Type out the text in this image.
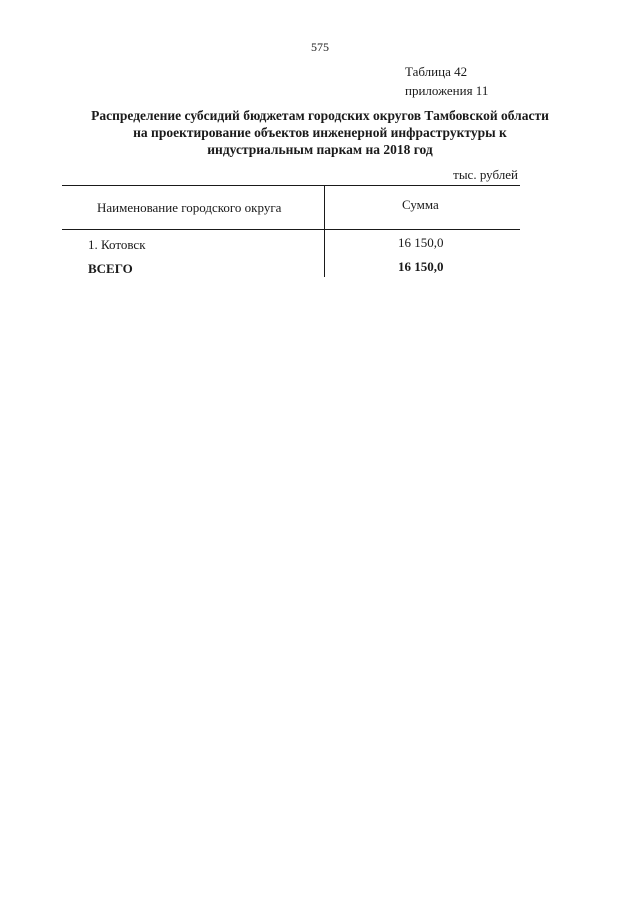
575
Таблица 42
приложения 11
Распределение субсидий бюджетам городских округов Тамбовской области
на проектирование объектов инженерной инфраструктуры к
индустриальным паркам на 2018 год
тыс. рублей
Наименование городского округа	Сумма
1. Котовск	16 150,0
ВСЕГО	16 150,0
